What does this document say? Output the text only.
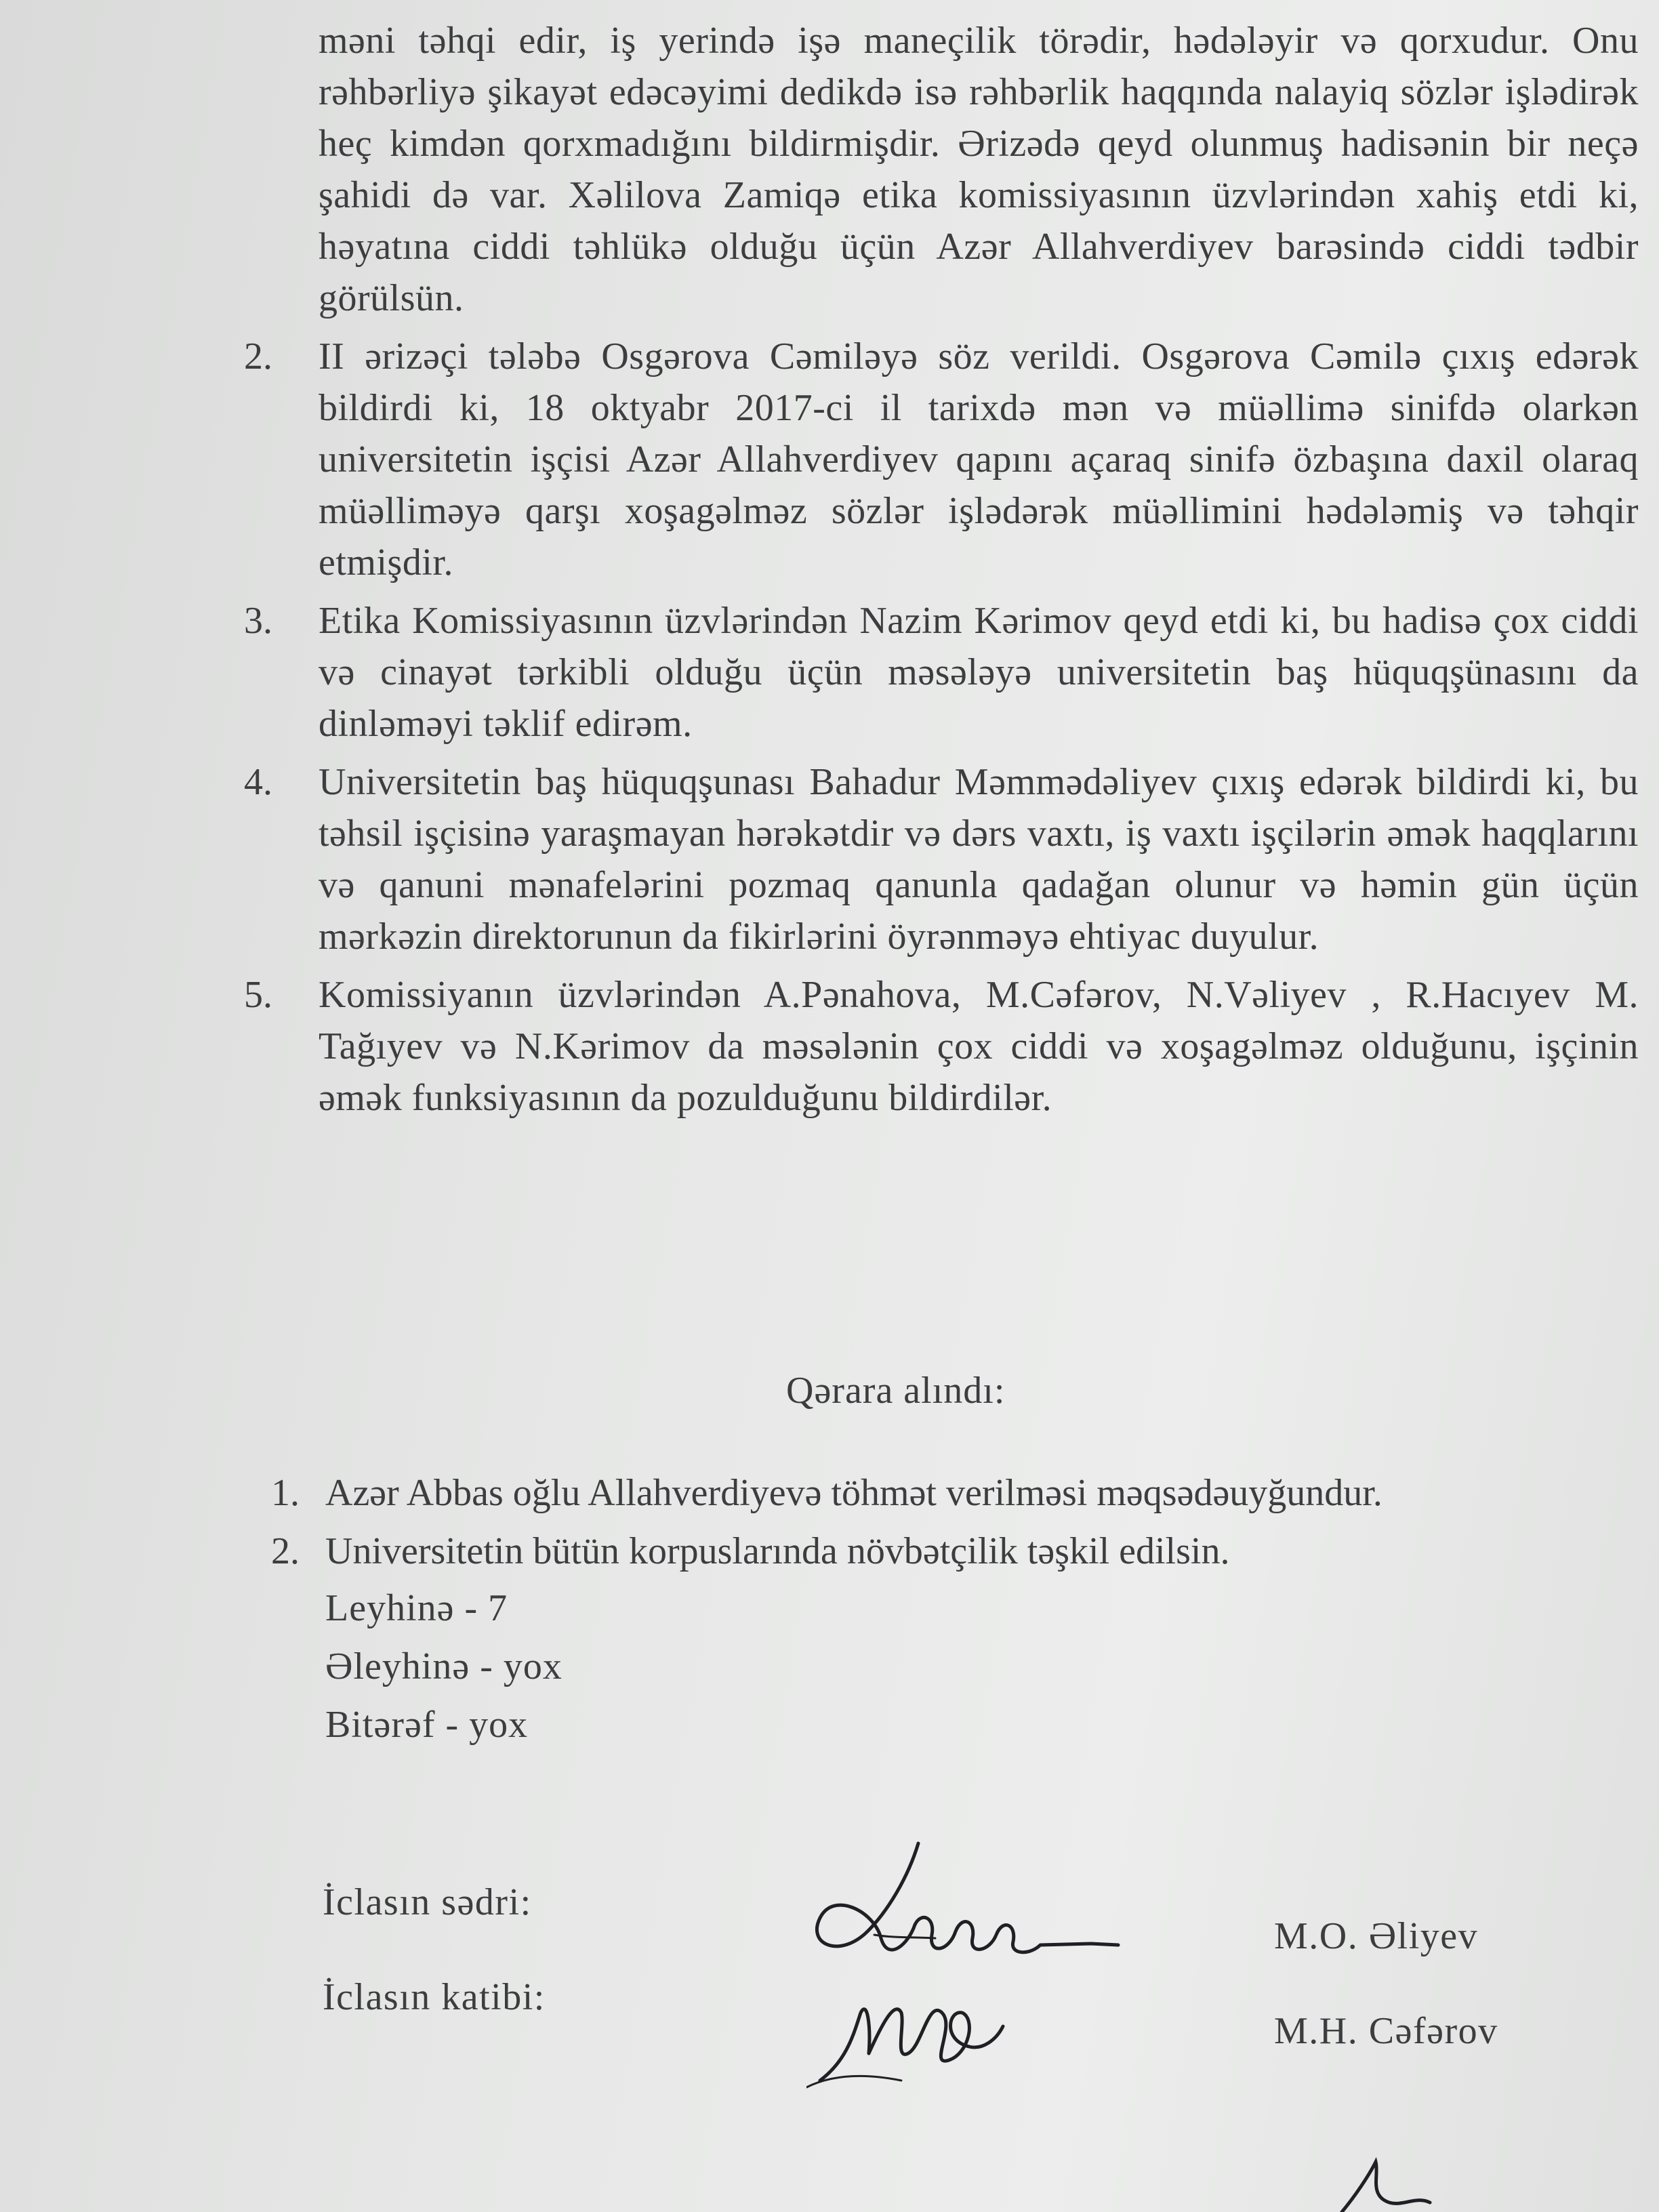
məni təhqi edir, iş yerində işə maneçilik törədir, hədələyir və qorxudur. Onu rəhbərliyə şikayət edəcəyimi dedikdə isə rəhbərlik haqqında nalayiq sözlər işlədirək heç kimdən qorxmadığını bildirmişdir. Ərizədə qeyd olunmuş hadisənin bir neçə şahidi də var. Xəlilova Zamiqə etika komissiyasının üzvlərindən xahiş etdi ki, həyatına ciddi təhlükə olduğu üçün Azər Allahverdiyev barəsində ciddi tədbir görülsün.
2. II ərizəçi tələbə Osgərova Cəmiləyə söz verildi. Osgərova Cəmilə çıxış edərək bildirdi ki, 18 oktyabr 2017-ci il tarixdə mən və müəllimə sinifdə olarkən universitetin işçisi Azər Allahverdiyev qapını açaraq sinifə özbaşına daxil olaraq müəlliməyə qarşı xoşagəlməz sözlər işlədərək müəllimini hədələmiş və təhqir etmişdir.
3. Etika Komissiyasının üzvlərindən Nazim Kərimov qeyd etdi ki, bu hadisə çox ciddi və cinayət tərkibli olduğu üçün məsələyə universitetin baş hüquqşünasını da dinləməyi təklif edirəm.
4. Universitetin baş hüquqşunası Bahadur Məmmədəliyev çıxış edərək bildirdi ki, bu təhsil işçisinə yaraşmayan hərəkətdir və dərs vaxtı, iş vaxtı işçilərin əmək haqqlarını və qanuni mənafelərini pozmaq qanunla qadağan olunur və həmin gün üçün mərkəzin direktorunun da fikirlərini öyrənməyə ehtiyac duyulur.
5. Komissiyanın üzvlərindən A.Pənahova, M.Cəfərov, N.Vəliyev , R.Hacıyev M. Tağıyev və N.Kərimov da məsələnin çox ciddi və xoşagəlməz olduğunu, işçinin əmək funksiyasının da pozulduğunu bildirdilər.
Qərara alındı:
1. Azər Abbas oğlu Allahverdiyevə töhmət verilməsi məqsədəuyğundur.
2. Universitetin bütün korpuslarında növbətçilik təşkil edilsin.
Leyhinə - 7
Əleyhinə - yox
Bitərəf - yox
İclasın sədri:
İclasın katibi:
M.O. Əliyev
M.H. Cəfərov
